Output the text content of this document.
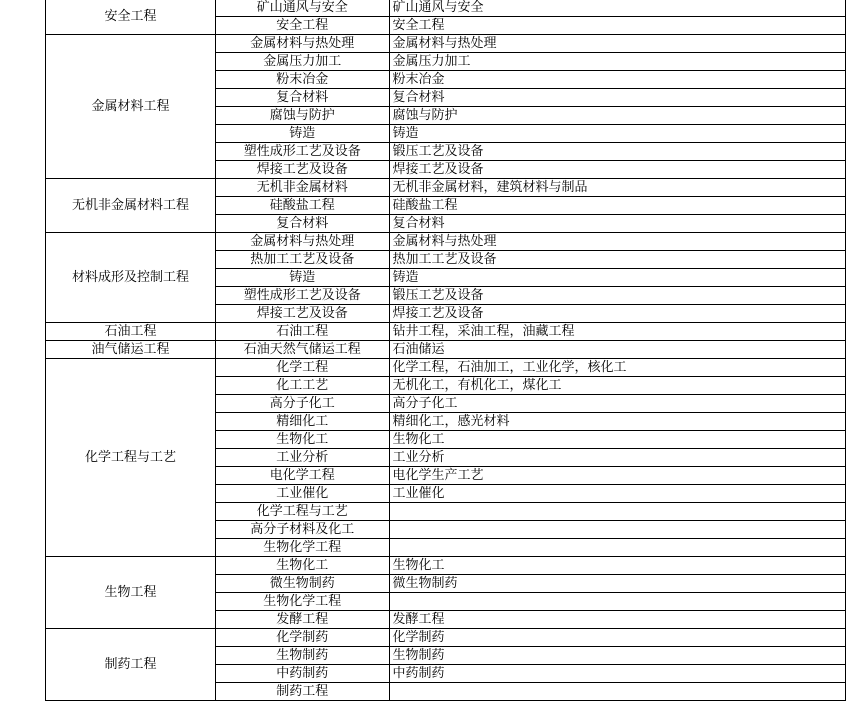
安全工程	矿山通风与安全	矿山通风与安全
	安全工程	安全工程
金属材料工程	金属材料与热处理	金属材料与热处理
	金属压力加工	金属压力加工
	粉末冶金	粉末冶金
	复合材料	复合材料
	腐蚀与防护	腐蚀与防护
	铸造	铸造
	塑性成形工艺及设备	锻压工艺及设备
	焊接工艺及设备	焊接工艺及设备
无机非金属材料工程	无机非金属材料	无机非金属材料，建筑材料与制品
	硅酸盐工程	硅酸盐工程
	复合材料	复合材料
材料成形及控制工程	金属材料与热处理	金属材料与热处理
	热加工工艺及设备	热加工工艺及设备
	铸造	铸造
	塑性成形工艺及设备	锻压工艺及设备
	焊接工艺及设备	焊接工艺及设备
石油工程	石油工程	钻井工程，采油工程，油藏工程
油气储运工程	石油天然气储运工程	石油储运
化学工程与工艺	化学工程	化学工程，石油加工，工业化学，核化工
	化工工艺	无机化工，有机化工，煤化工
	高分子化工	高分子化工
	精细化工	精细化工，感光材料
	生物化工	生物化工
	工业分析	工业分析
	电化学工程	电化学生产工艺
	工业催化	工业催化
	化学工程与工艺	
	高分子材料及化工	
	生物化学工程	
生物工程	生物化工	生物化工
	微生物制药	微生物制药
	生物化学工程	
	发酵工程	发酵工程
制药工程	化学制药	化学制药
	生物制药	生物制药
	中药制药	中药制药
	制药工程	
